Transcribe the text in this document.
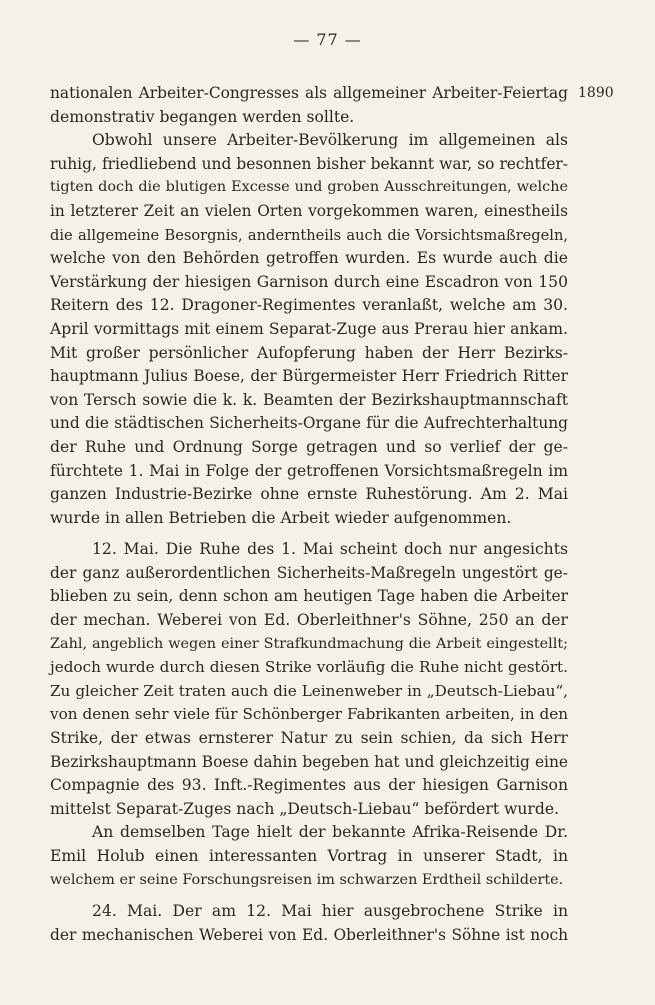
— 77 —
1890
nationalen Arbeiter-Congresses als allgemeiner Arbeiter-Feiertag
demonstrativ begangen werden sollte.
Obwohl unsere Arbeiter-Bevölkerung im allgemeinen als
ruhig, friedliebend und besonnen bisher bekannt war, so rechtfer-
tigten doch die blutigen Excesse und groben Ausschreitungen, welche
in letzterer Zeit an vielen Orten vorgekommen waren, einestheils
die allgemeine Besorgnis, anderntheils auch die Vorsichtsmaßregeln,
welche von den Behörden getroffen wurden. Es wurde auch die
Verstärkung der hiesigen Garnison durch eine Escadron von 150
Reitern des 12. Dragoner-Regimentes veranlaßt, welche am 30.
April vormittags mit einem Separat-Zuge aus Prerau hier ankam.
Mit großer persönlicher Aufopferung haben der Herr Bezirks-
hauptmann Julius Boese, der Bürgermeister Herr Friedrich Ritter
von Tersch sowie die k. k. Beamten der Bezirkshauptmannschaft
und die städtischen Sicherheits-Organe für die Aufrechterhaltung
der Ruhe und Ordnung Sorge getragen und so verlief der ge-
fürchtete 1. Mai in Folge der getroffenen Vorsichtsmaßregeln im
ganzen Industrie-Bezirke ohne ernste Ruhestörung. Am 2. Mai
wurde in allen Betrieben die Arbeit wieder aufgenommen.
12. Mai. Die Ruhe des 1. Mai scheint doch nur angesichts
der ganz außerordentlichen Sicherheits-Maßregeln ungestört ge-
blieben zu sein, denn schon am heutigen Tage haben die Arbeiter
der mechan. Weberei von Ed. Oberleithner's Söhne, 250 an der
Zahl, angeblich wegen einer Strafkundmachung die Arbeit eingestellt;
jedoch wurde durch diesen Strike vorläufig die Ruhe nicht gestört.
Zu gleicher Zeit traten auch die Leinenweber in „Deutsch-Liebau“,
von denen sehr viele für Schönberger Fabrikanten arbeiten, in den
Strike, der etwas ernsterer Natur zu sein schien, da sich Herr
Bezirkshauptmann Boese dahin begeben hat und gleichzeitig eine
Compagnie des 93. Inft.-Regimentes aus der hiesigen Garnison
mittelst Separat-Zuges nach „Deutsch-Liebau“ befördert wurde.
An demselben Tage hielt der bekannte Afrika-Reisende Dr.
Emil Holub einen interessanten Vortrag in unserer Stadt, in
welchem er seine Forschungsreisen im schwarzen Erdtheil schilderte.
24. Mai. Der am 12. Mai hier ausgebrochene Strike in
der mechanischen Weberei von Ed. Oberleithner's Söhne ist noch
